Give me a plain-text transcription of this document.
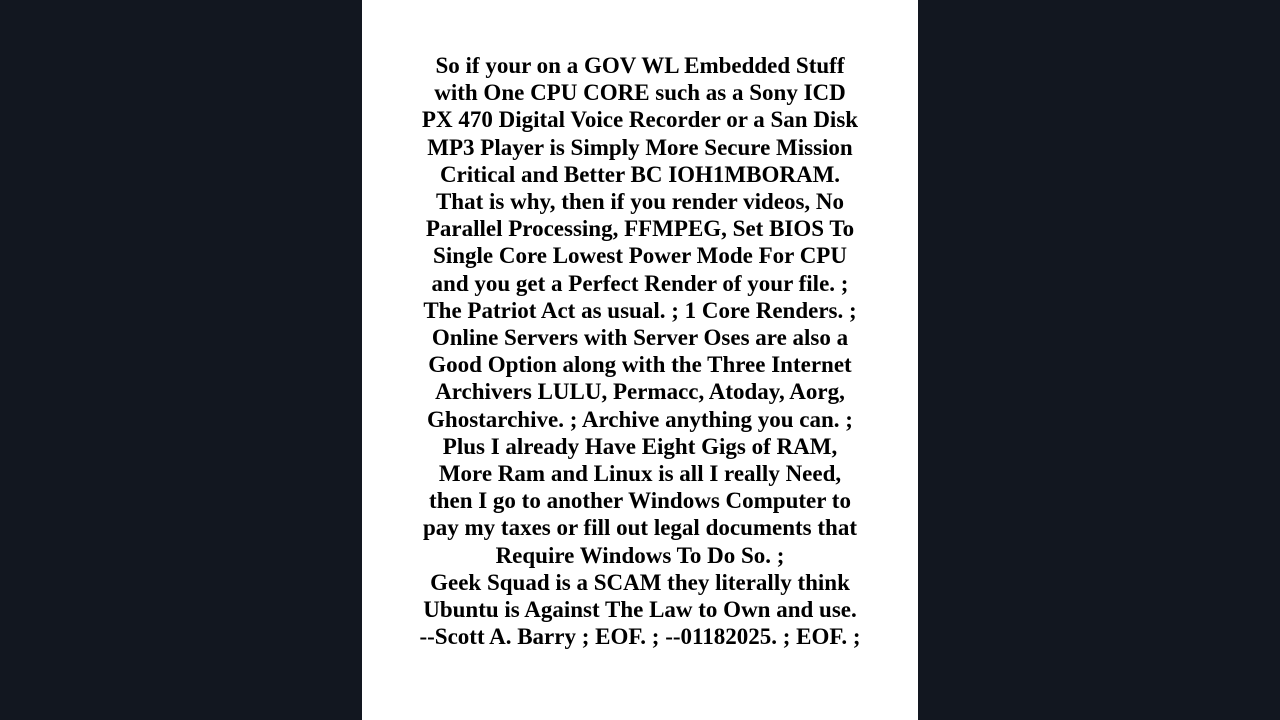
So if your on a GOV WL Embedded Stuff
with One CPU CORE such as a Sony ICD
PX 470 Digital Voice Recorder or a San Disk
MP3 Player is Simply More Secure Mission
Critical and Better BC IOH1MBORAM.
That is why, then if you render videos, No
Parallel Processing, FFMPEG, Set BIOS To
Single Core Lowest Power Mode For CPU
and you get a Perfect Render of your file. ;
The Patriot Act as usual. ; 1 Core Renders. ;
Online Servers with Server Oses are also a
Good Option along with the Three Internet
Archivers LULU, Permacc, Atoday, Aorg,
Ghostarchive. ; Archive anything you can. ;
Plus I already Have Eight Gigs of RAM,
More Ram and Linux is all I really Need,
then I go to another Windows Computer to
pay my taxes or fill out legal documents that
Require Windows To Do So. ;
Geek Squad is a SCAM they literally think
Ubuntu is Against The Law to Own and use.
--Scott A. Barry ; EOF. ; --01182025. ; EOF. ;
